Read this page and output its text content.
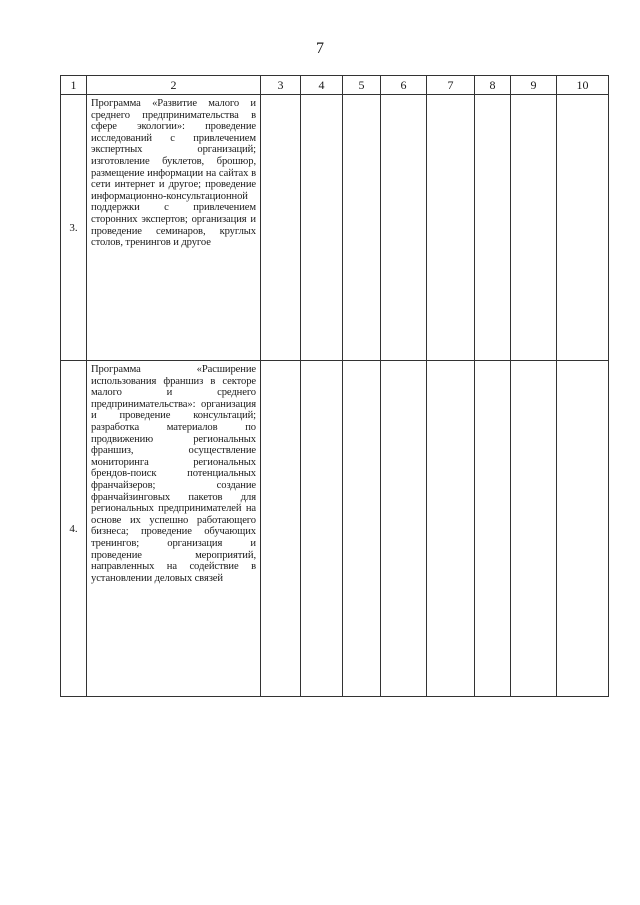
7
1	2	3	4	5	6	7	8	9	10
3.	Программа «Развитие малого и среднего предпринимательства в сфере экологии»: проведение исследований с привлечением экспертных организаций; изготовление буклетов, брошюр, размещение информации на сайтах в сети интернет и другое; проведение информационно-консультационной поддержки с привлечением сторонних экспертов; организация и проведение семинаров, круглых столов, тренингов и другое								
4.	Программа «Расширение использования франшиз в секторе малого и среднего предпринимательства»: организация и проведение консультаций; разработка материалов по продвижению региональных франшиз, осуществление мониторинга региональных брендов-поиск потенциальных франчайзеров; создание франчайзинговых пакетов для региональных предпринимателей на основе их успешно работающего бизнеса; проведение обучающих тренингов; организация и проведение мероприятий, направленных на содействие в установлении деловых связей								
